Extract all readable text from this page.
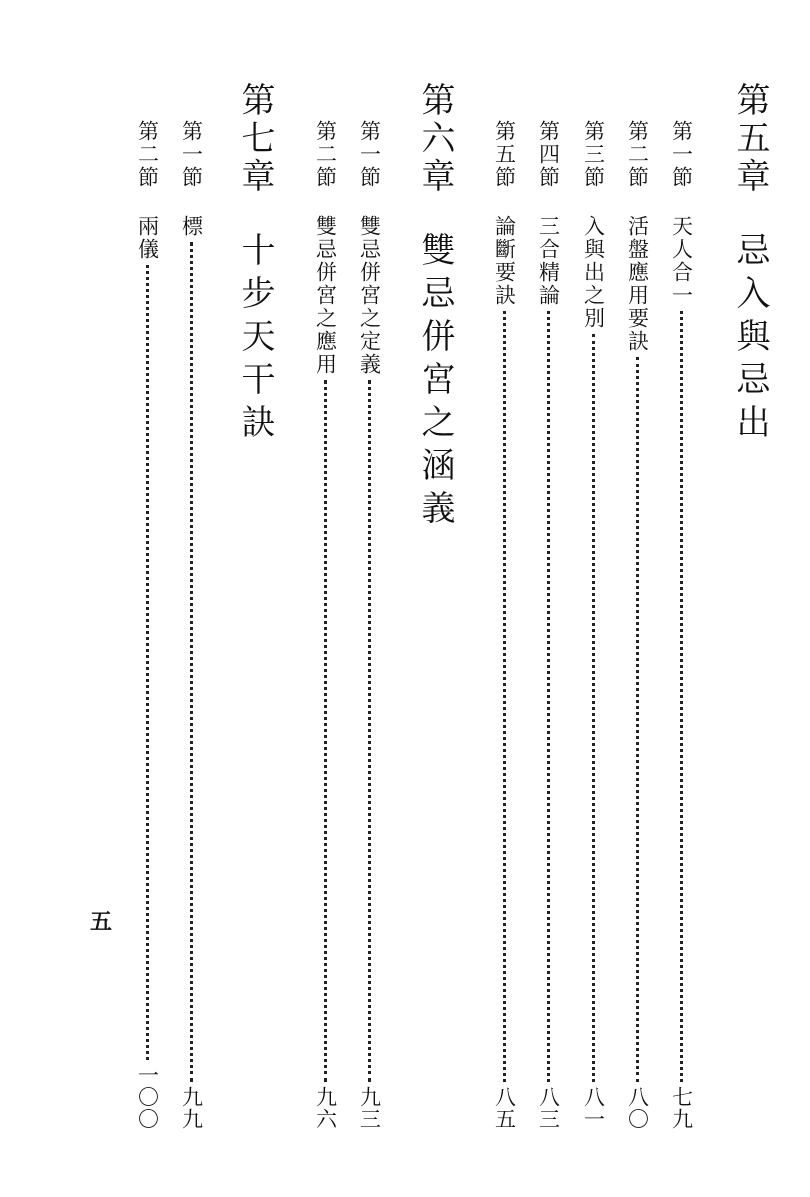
第五章
忌入與忌出
第一節
天人合一
七九
第二節
活盤應用要訣
八〇
第三節
入與出之別
八一
第四節
三合精論
八三
第五節
論斷要訣
八五
第六章
雙忌併宮之涵義
第一節
雙忌併宮之定義
九三
第二節
雙忌併宮之應用
九六
第七章
十步天干訣
第一節
標
九九
第二節
兩儀
一〇〇
五
